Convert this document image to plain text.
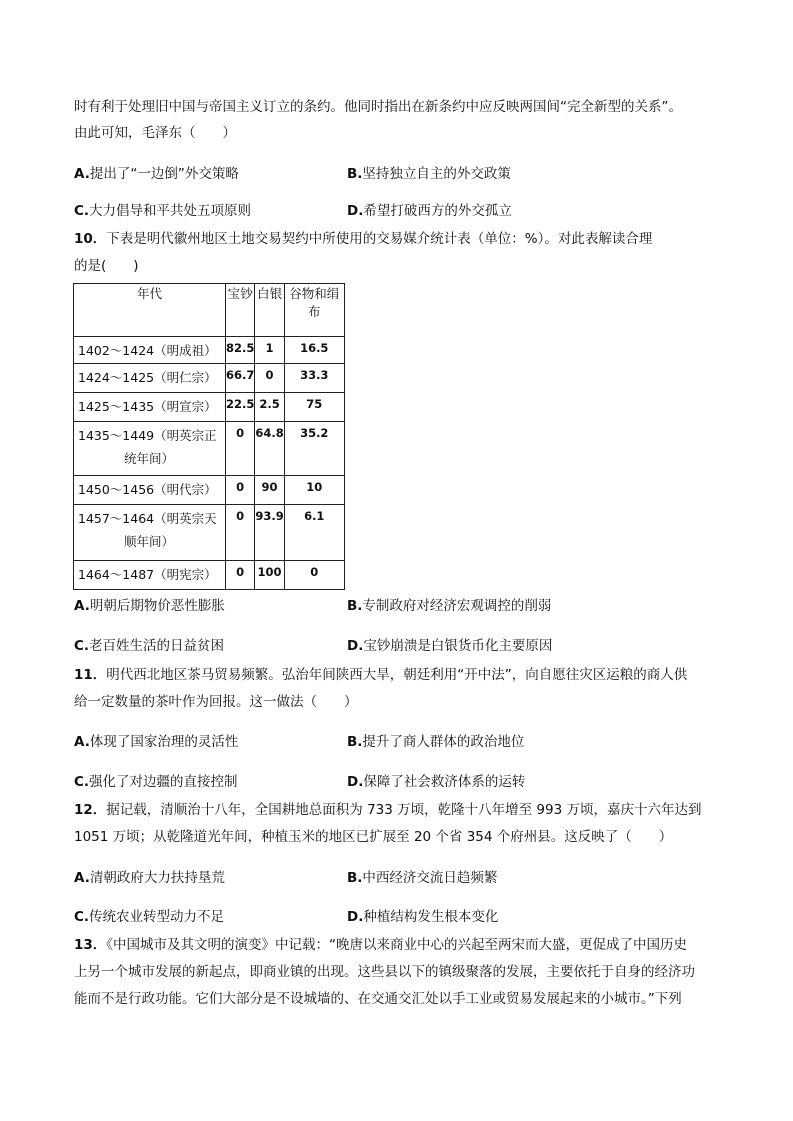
时有利于处理旧中国与帝国主义订立的条约。他同时指出在新条约中应反映两国间“完全新型的关系”。
由此可知，毛泽东（　　）
A.提出了“一边倒”外交策略	B.坚持独立自主的外交政策
C.大力倡导和平共处五项原则	D.希望打破西方的外交孤立
10．下表是明代徽州地区土地交易契约中所使用的交易媒介统计表（单位：%）。对此表解读合理
的是(　　)
年代	宝钞	白银	谷物和绢布

1402～1424（明成祖）	82.5	1	16.5

1424～1425（明仁宗）	66.7	0	33.3

1425～1435（明宣宗）	22.5	2.5	75

1435～1449（明英宗正
统年间）	0	64.8	35.2

1450～1456（明代宗）	0	90	10

1457～1464（明英宗天
顺年间）	0	93.9	6.1

1464～1487（明宪宗）	0	100	0
A.明朝后期物价恶性膨胀	B.专制政府对经济宏观调控的削弱
C.老百姓生活的日益贫困	D.宝钞崩溃是白银货币化主要原因
11．明代西北地区茶马贸易频繁。弘治年间陕西大旱，朝廷利用“开中法”，向自愿往灾区运粮的商人供
给一定数量的茶叶作为回报。这一做法（　　）
A.体现了国家治理的灵活性	B.提升了商人群体的政治地位
C.强化了对边疆的直接控制	D.保障了社会救济体系的运转
12．据记载，清顺治十八年，全国耕地总面积为 733 万顷，乾隆十八年增至 993 万顷，嘉庆十六年达到
1051 万顷；从乾隆道光年间，种植玉米的地区已扩展至 20 个省 354 个府州县。这反映了（　　）
A.清朝政府大力扶持垦荒	B.中西经济交流日趋频繁
C.传统农业转型动力不足	D.种植结构发生根本变化
13．《中国城市及其文明的演变》中记载：“晚唐以来商业中心的兴起至两宋而大盛，更促成了中国历史
上另一个城市发展的新起点，即商业镇的出现。这些县以下的镇级聚落的发展，主要依托于自身的经济功
能而不是行政功能。它们大部分是不设城墙的、在交通交汇处以手工业或贸易发展起来的小城市。”下列
